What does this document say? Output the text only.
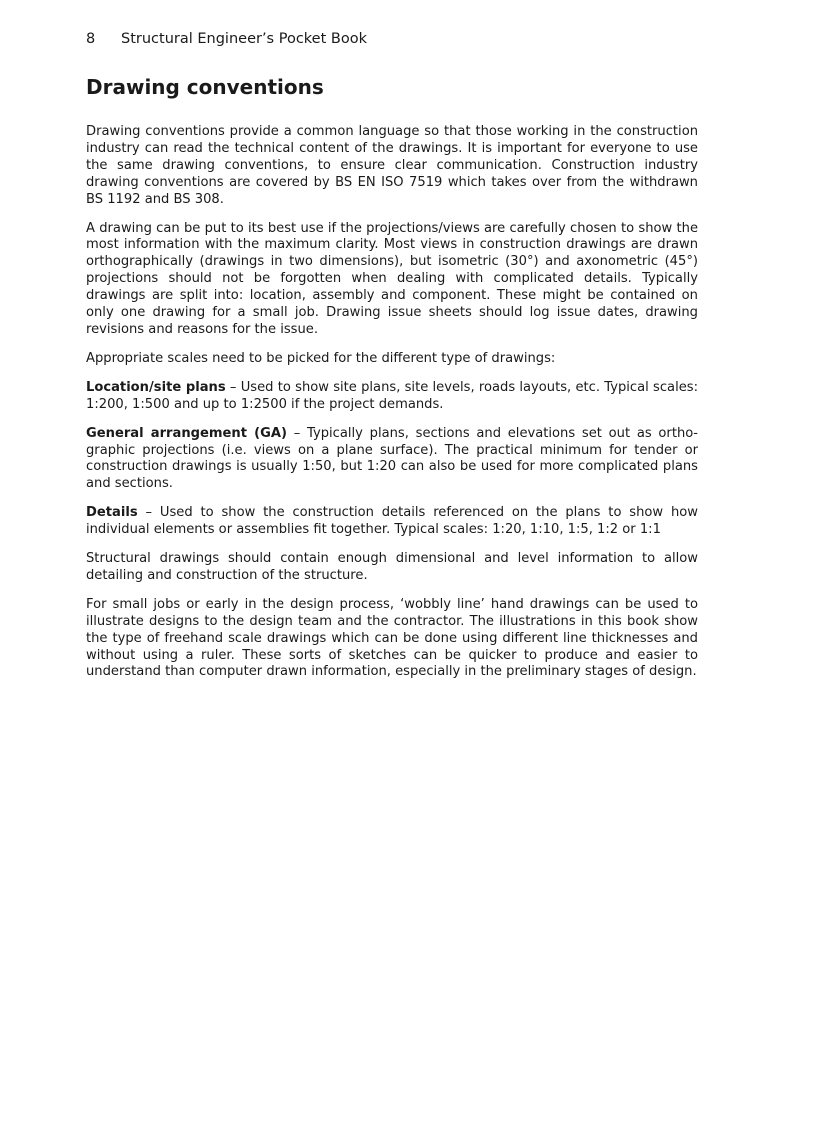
8 Structural Engineer’s Pocket Book
Drawing conventions

Drawing conventions provide a common language so that those working in the construction industry can read the technical content of the drawings. It is important for everyone to use the same drawing conventions, to ensure clear communication. Construction industry drawing conventions are covered by BS EN ISO 7519 which takes over from the withdrawn BS 1192 and BS 308.

A drawing can be put to its best use if the projections/views are carefully chosen to show the most information with the maximum clarity. Most views in construction drawings are drawn orthographically (drawings in two dimensions), but isometric (30°) and axonometric (45°) projections should not be forgotten when dealing with complicated details. Typically drawings are split into: location, assembly and component. These might be contained on only one drawing for a small job. Drawing issue sheets should log issue dates, drawing revisions and reasons for the issue.

Appropriate scales need to be picked for the different type of drawings:

Location/site plans – Used to show site plans, site levels, roads layouts, etc. Typical scales: 1:200, 1:500 and up to 1:2500 if the project demands.

General arrangement (GA) – Typically plans, sections and elevations set out as orthographic projections (i.e. views on a plane surface). The practical minimum for tender or construction drawings is usually 1:50, but 1:20 can also be used for more complicated plans and sections.

Details – Used to show the construction details referenced on the plans to show how individual elements or assemblies fit together. Typical scales: 1:20, 1:10, 1:5, 1:2 or 1:1

Structural drawings should contain enough dimensional and level information to allow detailing and construction of the structure.

For small jobs or early in the design process, ‘wobbly line’ hand drawings can be used to illustrate designs to the design team and the contractor. The illustrations in this book show the type of freehand scale drawings which can be done using different line thicknesses and without using a ruler. These sorts of sketches can be quicker to produce and easier to understand than computer drawn information, especially in the preliminary stages of design.
